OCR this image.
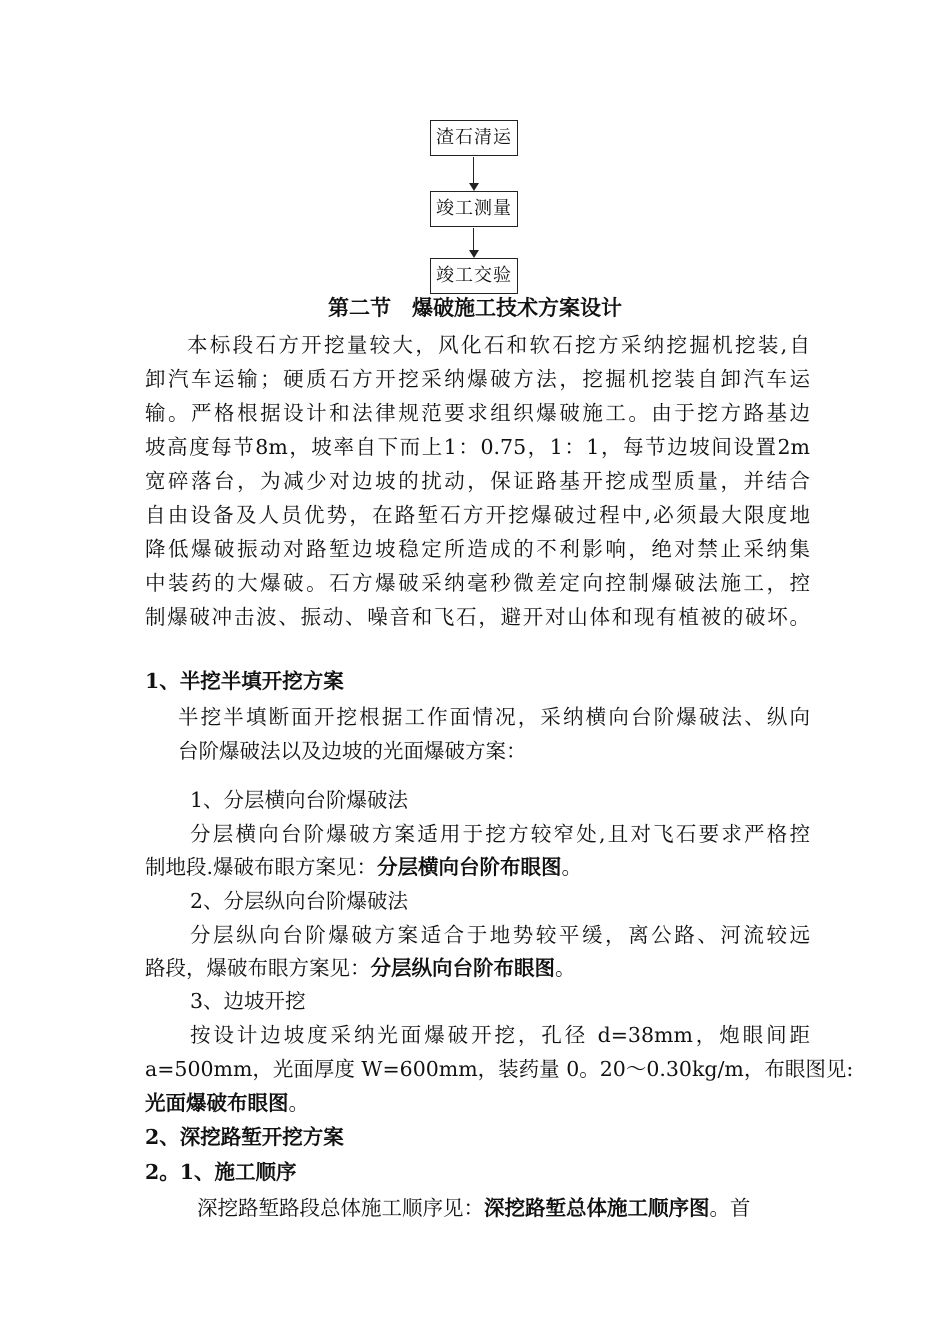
渣石清运
竣工测量
竣工交验
第二节　爆破施工技术方案设计
本标段石方开挖量较大，风化石和软石挖方采纳挖掘机挖装,自
卸汽车运输；硬质石方开挖采纳爆破方法，挖掘机挖装自卸汽车运
输。严格根据设计和法律规范要求组织爆破施工。由于挖方路基边
坡高度每节8m，坡率自下而上1：0.75，1：1，每节边坡间设置2m
宽碎落台，为减少对边坡的扰动，保证路基开挖成型质量，并结合
自由设备及人员优势，在路堑石方开挖爆破过程中,必须最大限度地
降低爆破振动对路堑边坡稳定所造成的不利影响，绝对禁止采纳集
中装药的大爆破。石方爆破采纳毫秒微差定向控制爆破法施工，控
制爆破冲击波、振动、噪音和飞石，避开对山体和现有植被的破坏。
1、半挖半填开挖方案
半挖半填断面开挖根据工作面情况，采纳横向台阶爆破法、纵向
台阶爆破法以及边坡的光面爆破方案：
1、分层横向台阶爆破法
分层横向台阶爆破方案适用于挖方较窄处,且对飞石要求严格控
制地段.爆破布眼方案见：分层横向台阶布眼图。
2、分层纵向台阶爆破法
分层纵向台阶爆破方案适合于地势较平缓，离公路、河流较远
路段，爆破布眼方案见：分层纵向台阶布眼图。
3、边坡开挖
按设计边坡度采纳光面爆破开挖，孔径 d=38mm，炮眼间距
a=500mm，光面厚度 W=600mm，装药量 0。20～0.30kg/m，布眼图见:
光面爆破布眼图。
2、深挖路堑开挖方案
2。1、施工顺序
深挖路堑路段总体施工顺序见：深挖路堑总体施工顺序图。首
